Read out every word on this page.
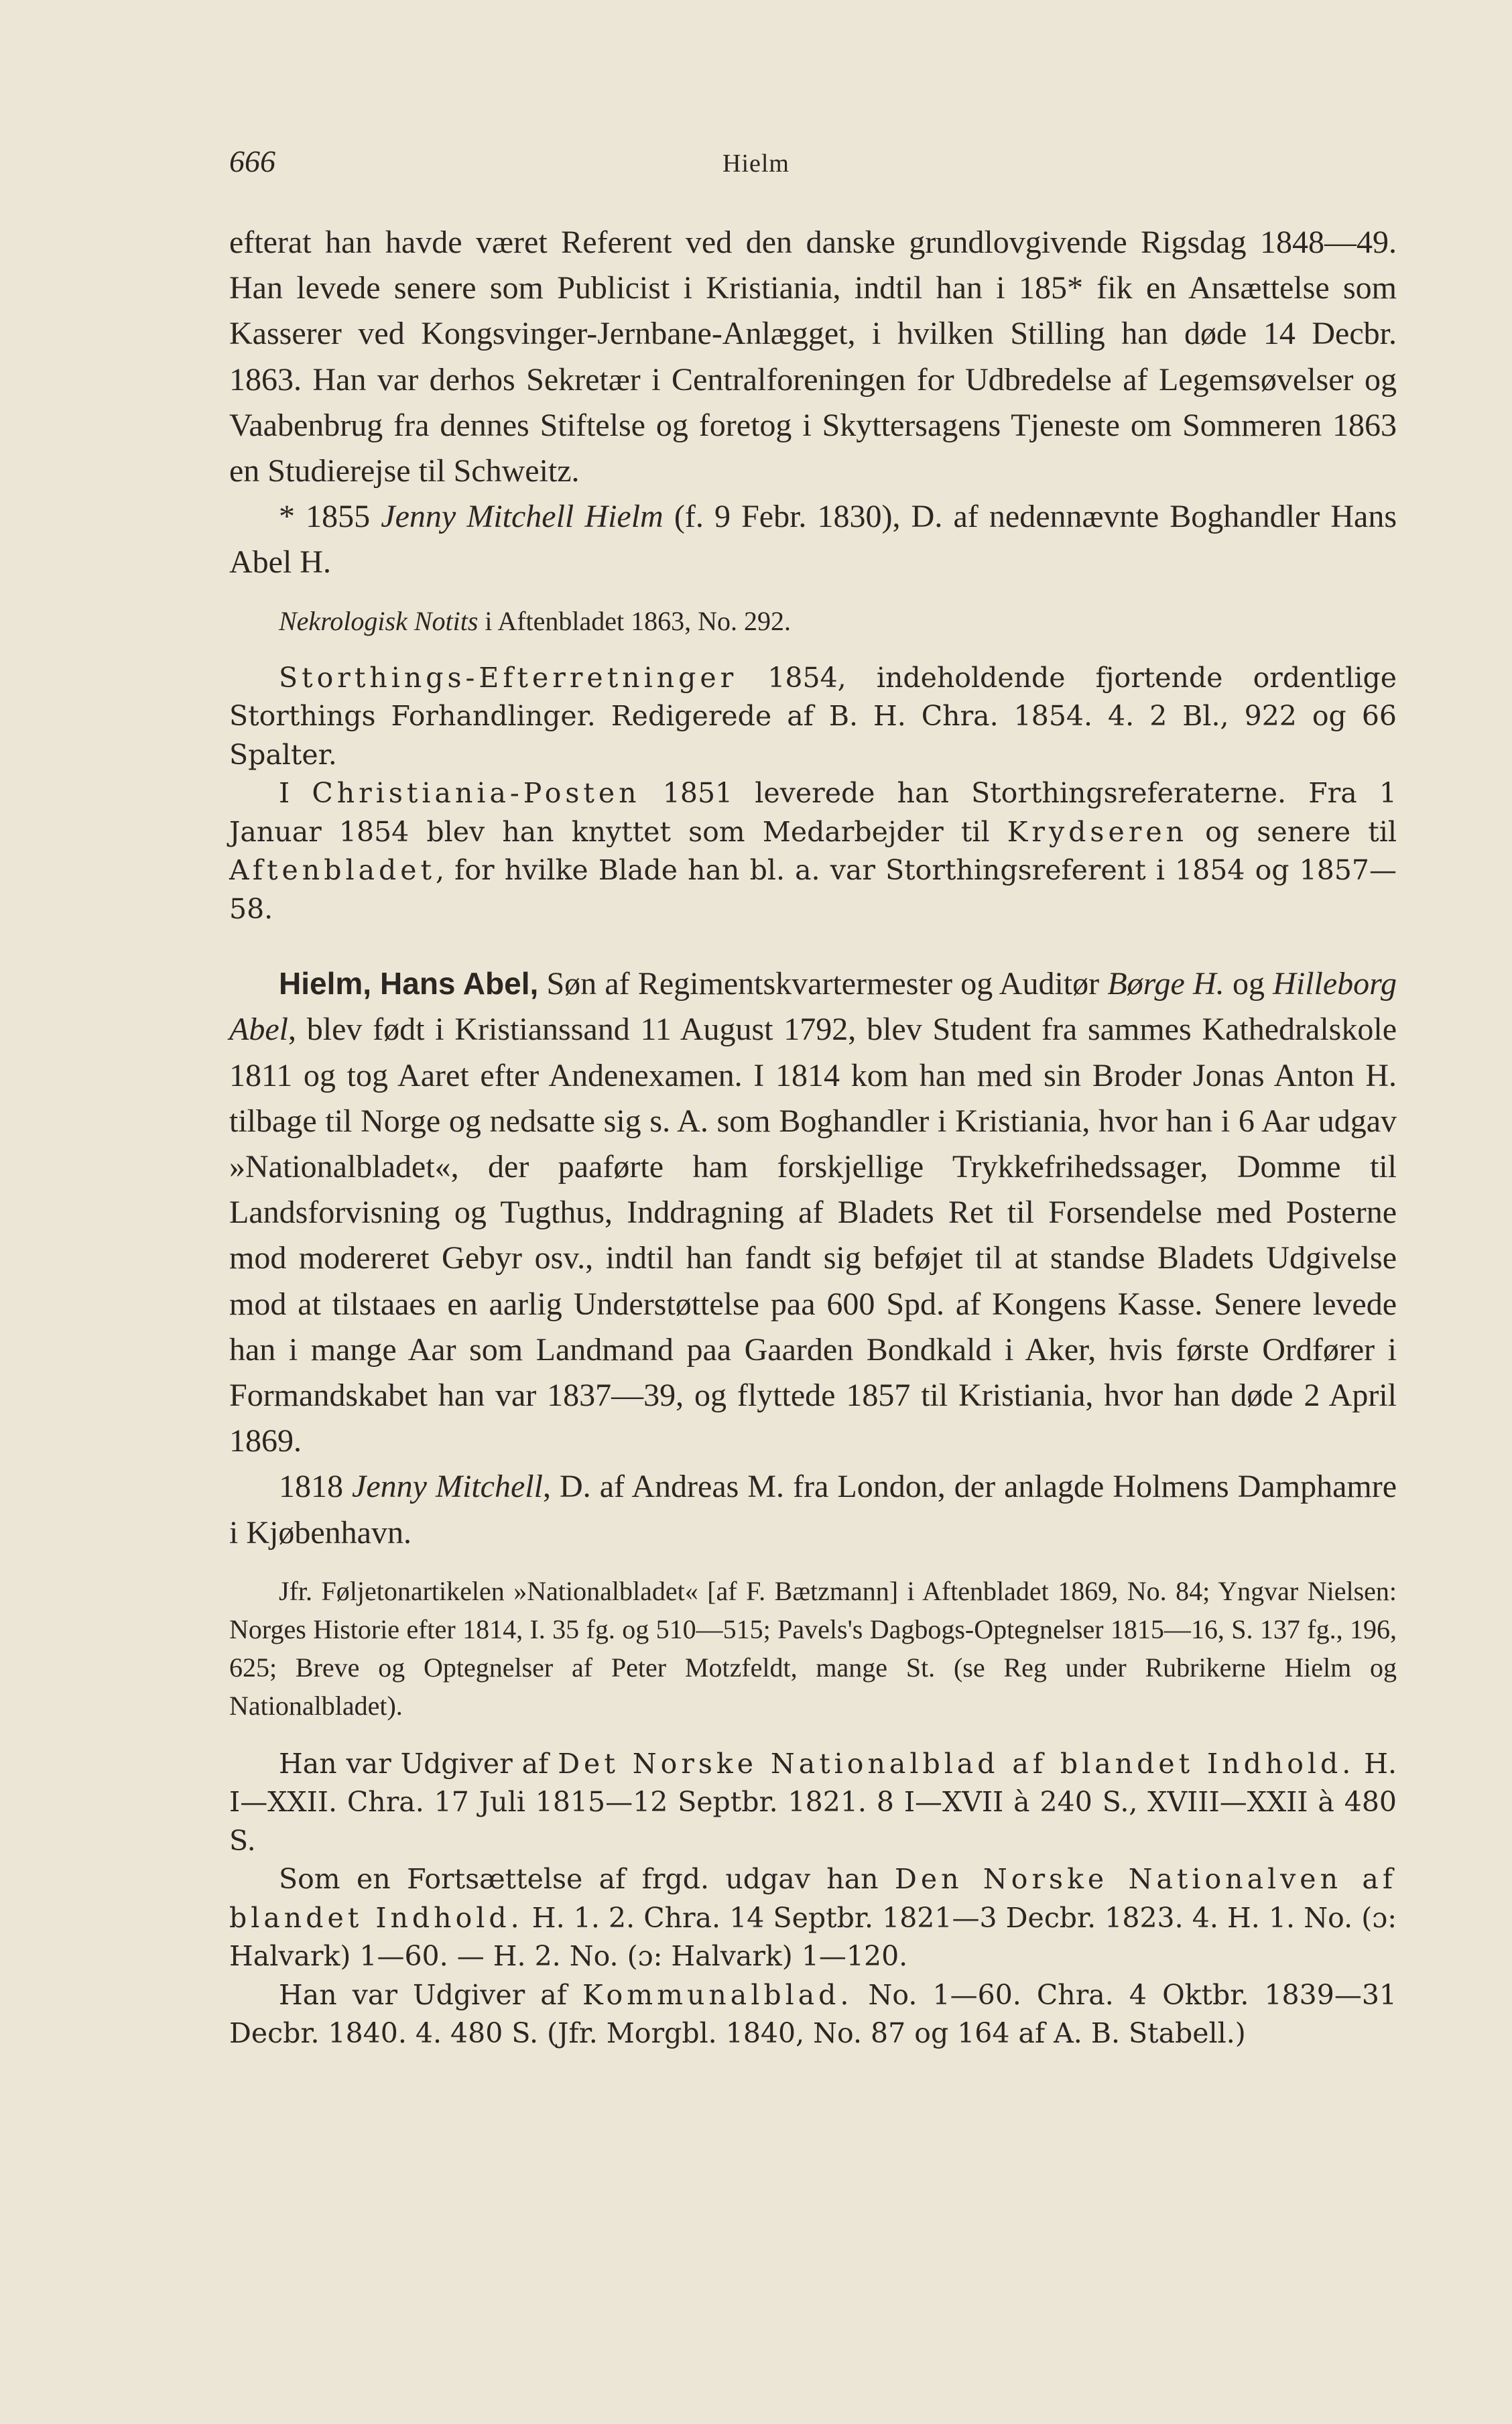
666	Hielm

efterat han havde været Referent ved den danske grundlovgivende Rigsdag 1848—49. Han levede senere som Publicist i Kristiania, indtil han i 185* fik en Ansættelse som Kasserer ved Kongsvinger-Jernbane-Anlægget, i hvilken Stilling han døde 14 Decbr. 1863. Han var derhos Sekretær i Centralforeningen for Udbredelse af Legemsøvelser og Vaabenbrug fra dennes Stiftelse og foretog i Skyttersagens Tjeneste om Sommeren 1863 en Studierejse til Schweitz.

* 1855 Jenny Mitchell Hielm (f. 9 Febr. 1830), D. af nedennævnte Boghandler Hans Abel H.

Nekrologisk Notits i Aftenbladet 1863, No. 292.

Storthings-Efterretninger 1854, indeholdende fjortende ordentlige Storthings Forhandlinger. Redigerede af B. H. Chra. 1854. 4. 2 Bl., 922 og 66 Spalter.

I Christiania-Posten 1851 leverede han Storthingsreferaterne. Fra 1 Januar 1854 blev han knyttet som Medarbejder til Krydseren og senere til Aftenbladet, for hvilke Blade han bl. a. var Storthingsreferent i 1854 og 1857—58.

Hielm, Hans Abel, Søn af Regimentskvartermester og Auditør Børge H. og Hilleborg Abel, blev født i Kristianssand 11 August 1792, blev Student fra sammes Kathedralskole 1811 og tog Aaret efter Andenexamen. I 1814 kom han med sin Broder Jonas Anton H. tilbage til Norge og nedsatte sig s. A. som Boghandler i Kristiania, hvor han i 6 Aar udgav »Nationalbladet«, der paaførte ham forskjellige Trykkefrihedssager, Domme til Landsforvisning og Tugthus, Inddragning af Bladets Ret til Forsendelse med Posterne mod modereret Gebyr osv., indtil han fandt sig beføjet til at standse Bladets Udgivelse mod at tilstaaes en aarlig Understøttelse paa 600 Spd. af Kongens Kasse. Senere levede han i mange Aar som Landmand paa Gaarden Bondkald i Aker, hvis første Ordfører i Formandskabet han var 1837—39, og flyttede 1857 til Kristiania, hvor han døde 2 April 1869.

1818 Jenny Mitchell, D. af Andreas M. fra London, der anlagde Holmens Damphamre i Kjøbenhavn.

Jfr. Føljetonartikelen »Nationalbladet« [af F. Bætzmann] i Aftenbladet 1869, No. 84; Yngvar Nielsen: Norges Historie efter 1814, I. 35 fg. og 510—515; Pavels's Dagbogs-Optegnelser 1815—16, S. 137 fg., 196, 625; Breve og Optegnelser af Peter Motzfeldt, mange St. (se Reg under Rubrikerne Hielm og Nationalbladet).

Han var Udgiver af Det Norske Nationalblad af blandet Indhold. H. I—XXII. Chra. 17 Juli 1815—12 Septbr. 1821. 8 I—XVII à 240 S., XVIII—XXII à 480 S.

Som en Fortsættelse af frgd. udgav han Den Norske Nationalven af blandet Indhold. H. 1. 2. Chra. 14 Septbr. 1821—3 Decbr. 1823. 4. H. 1. No. (ɔ: Halvark) 1—60. — H. 2. No. (ɔ: Halvark) 1—120.

Han var Udgiver af Kommunalblad. No. 1—60. Chra. 4 Oktbr. 1839—31 Decbr. 1840. 4. 480 S. (Jfr. Morgbl. 1840, No. 87 og 164 af A. B. Stabell.)
